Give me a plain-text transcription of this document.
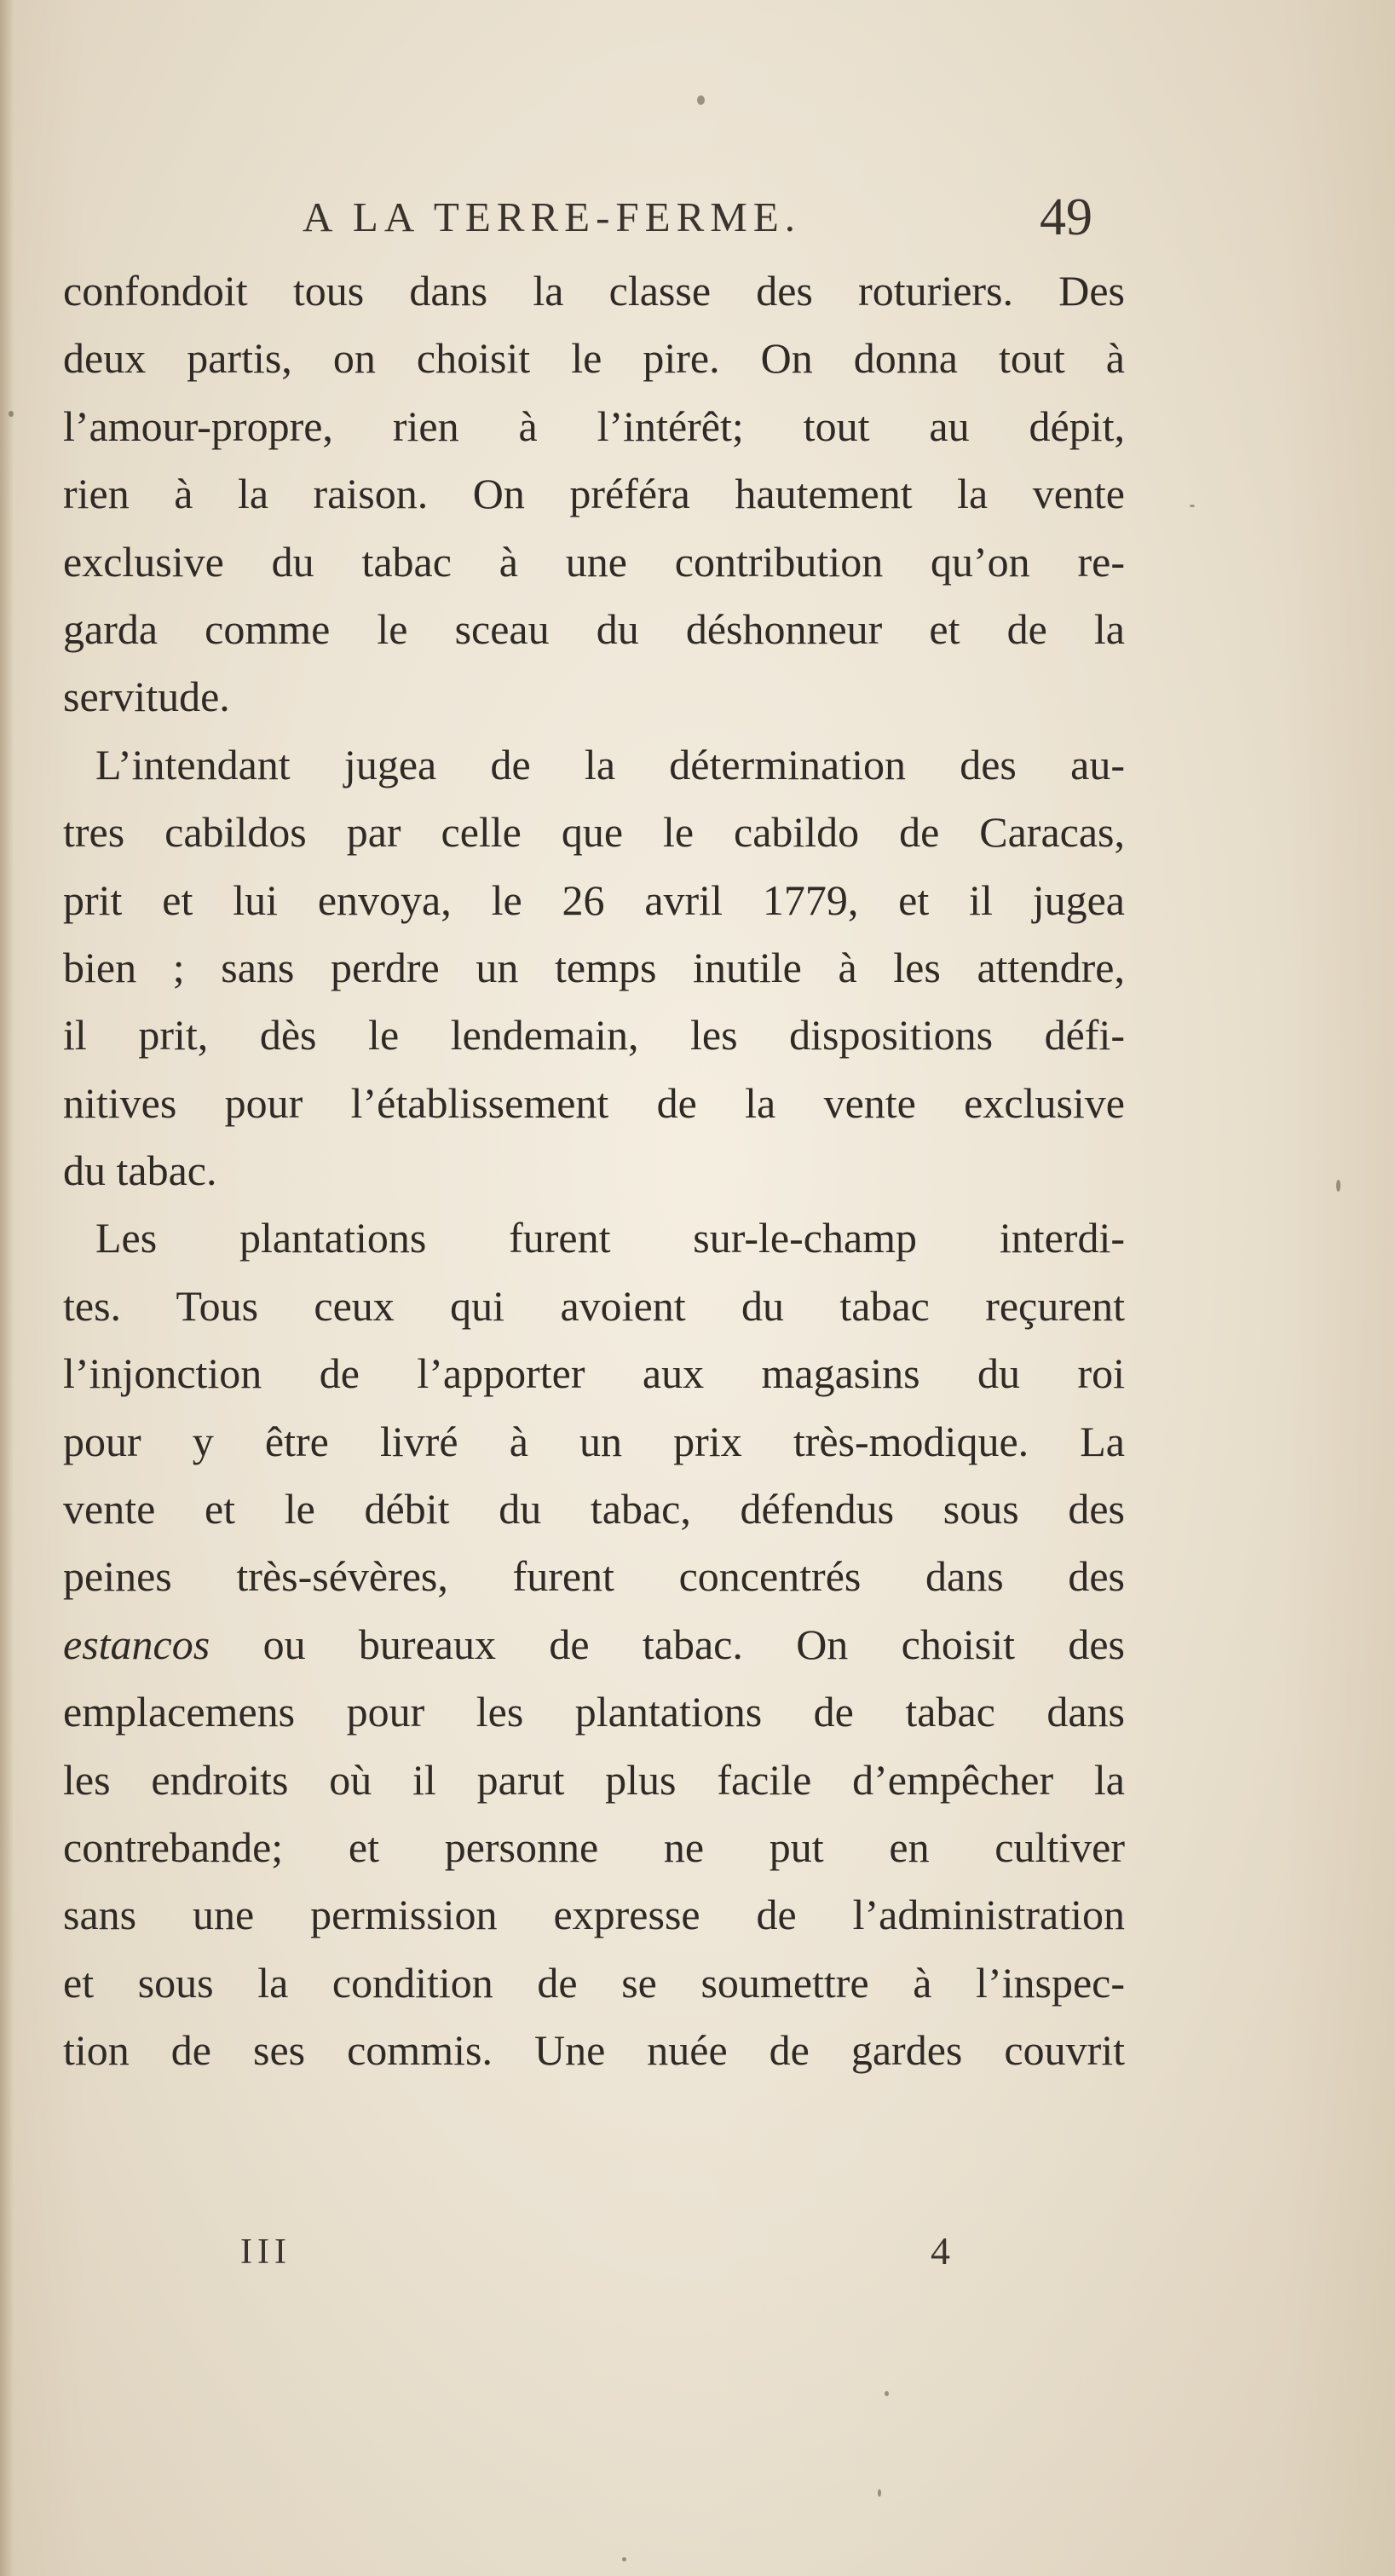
A LA TERRE-FERME.	49
confondoit tous dans la classe des roturiers. Des
deux partis, on choisit le pire. On donna tout à
l’amour-propre, rien à l’intérêt; tout au dépit,
rien à la raison. On préféra hautement la vente
exclusive du tabac à une contribution qu’on re-
garda comme le sceau du déshonneur et de la
servitude.
L’intendant jugea de la détermination des au-
tres cabildos par celle que le cabildo de Caracas,
prit et lui envoya, le 26 avril 1779, et il jugea
bien ; sans perdre un temps inutile à les attendre,
il prit, dès le lendemain, les dispositions défi-
nitives pour l’établissement de la vente exclusive
du tabac.
Les plantations furent sur-le-champ interdi-
tes. Tous ceux qui avoient du tabac reçurent
l’injonction de l’apporter aux magasins du roi
pour y être livré à un prix très-modique. La
vente et le débit du tabac, défendus sous des
peines très-sévères, furent concentrés dans des
estancos ou bureaux de tabac. On choisit des
emplacemens pour les plantations de tabac dans
les endroits où il parut plus facile d’empêcher la
contrebande; et personne ne put en cultiver
sans une permission expresse de l’administration
et sous la condition de se soumettre à l’inspec-
tion de ses commis. Une nuée de gardes couvrit
III	4
